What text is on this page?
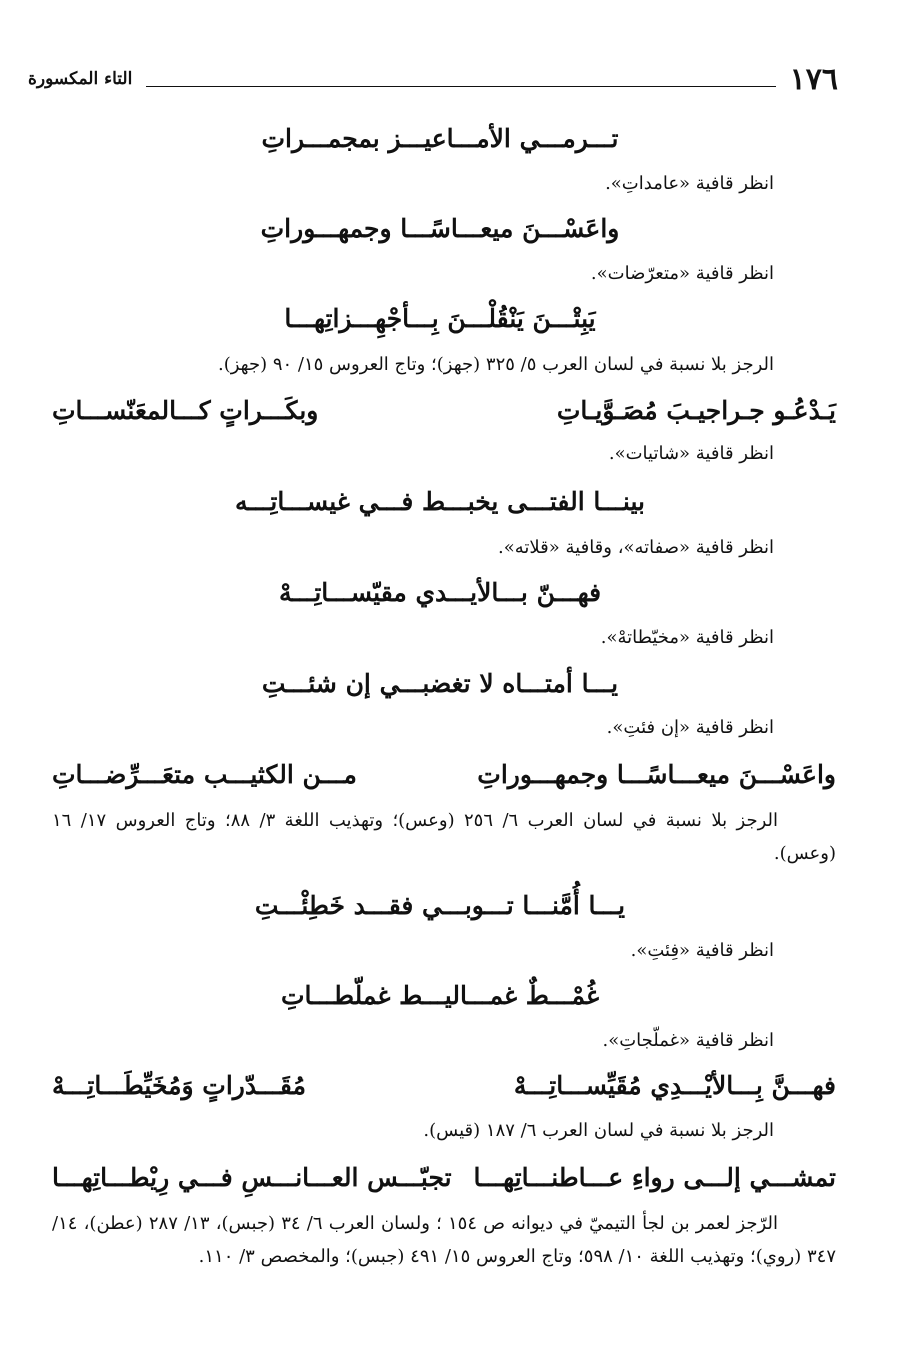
١٧٦
التاء المكسورة
تـــرمـــي الأمـــاعيـــز بمجمـــراتِ
انظر قافية «عامداتِ».
واعَسْـــنَ ميعـــاسًـــا وجمهـــوراتِ
انظر قافية «متعرّضات».
يَبِتْـــنَ يَنْقُلْـــنَ بِـــأجْهِـــزاتِهـــا
الرجز بلا نسبة في لسان العرب ٥/ ٣٢٥ (جهز)؛ وتاج العروس ١٥/ ٩٠ (جهز).
يَـدْعُـو جـراجيـبَ مُصَـوَّيـاتِ
وبكَـــراتٍ كـــالمعَنّســـاتِ
انظر قافية «شاتيات».
بينـــا الفتـــى يخبـــط فـــي غيســـاتِـــه
انظر قافية «صفاته»، وقافية «قلاته».
فهـــنّ بـــالأيـــدي مقيّســـاتِـــهْ
انظر قافية «مخيّطاتهْ».
يـــا أمتـــاه لا تغضبـــي إن شئـــتِ
انظر قافية «إن فئتِ».
واعَسْـــنَ ميعـــاسًـــا وجمهـــوراتِ
مـــن الكثيـــب متعَـــرِّضـــاتِ
الرجز بلا نسبة في لسان العرب ٦/ ٢٥٦ (وعس)؛ وتهذيب اللغة ٣/ ٨٨؛ وتاج العروس ١٧/ ١٦ (وعس).
يـــا أُمَّنـــا تـــوبـــي فقـــد خَطِئْـــتِ
انظر قافية «فِئتِ».
غُمْـــطٌ غمـــاليـــط غملّطـــاتِ
انظر قافية «غملّجاتِ».
فهـــنَّ بِـــالأيْـــدِي مُقَيِّســـاتِـــهْ
مُقَـــدّراتٍ وَمُخَيِّطَـــاتِـــهْ
الرجز بلا نسبة في لسان العرب ٦/ ١٨٧ (قيس).
تمشـــي إلـــى رواءِ عـــاطنـــاتِهـــا
تجبّـــس العـــانـــسِ فـــي رِيْطـــاتِهـــا
الرّجز لعمر بن لجأ التيميّ في ديوانه ص ١٥٤ ؛ ولسان العرب ٦/ ٣٤ (جبس)، ١٣/ ٢٨٧ (عطن)، ١٤/ ٣٤٧ (روي)؛ وتهذيب اللغة ١٠/ ٥٩٨؛ وتاج العروس ١٥/ ٤٩١ (جبس)؛ والمخصص ٣/ ١١٠.
